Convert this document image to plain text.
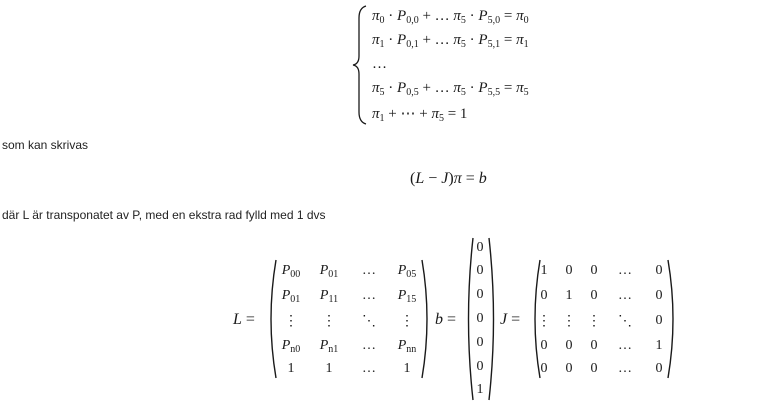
$\pi_0 \cdot P_{0,0}$ + … $\pi_5 \cdot P_{5,0} = \pi_0$
$\pi_1 \cdot P_{0,1}$ + … $\pi_5 \cdot P_{5,1} = \pi_1$
…
$\pi_5 \cdot P_{0,5}$ + … $\pi_5 \cdot P_{5,5} = \pi_5$
$\pi_1$ + ⋯ + $\pi_5 = 1$
som kan skrivas
(L − J)π = b
där L är transponatet av P, med en ekstra rad fylld med 1 dvs
L =
$P_{00}$	$P_{01}$	…	$P_{05}$
$P_{01}$	$P_{11}$	…	$P_{15}$
⋮	⋮	⋱	⋮
$P_{n0}$	$P_{n1}$	…	$P_{nn}$
1	1	…	1
b =
0
0
0
0
0
0
1
J =
1 0 0 … 0
0 1 0 … 0
⋮ ⋮ ⋮ ⋱ 0
0 0 0 … 1
0 0 0 … 0
